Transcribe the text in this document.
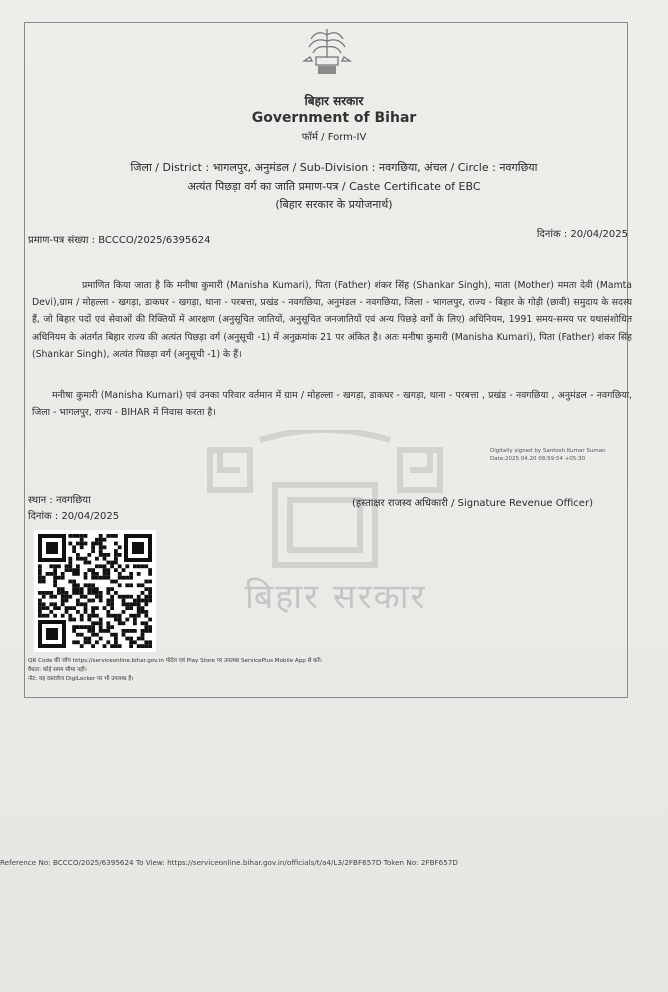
बिहार सरकार
बिहार सरकार
Government of Bihar
फॉर्म / Form-IV
जिला / District : भागलपुर, अनुमंडल / Sub-Division : नवगछिया, अंचल / Circle : नवगछिया
अत्यंत पिछड़ा वर्ग का जाति प्रमाण-पत्र / Caste Certificate of EBC
(बिहार सरकार के प्रयोजनार्थ)
प्रमाण-पत्र संख्या : BCCCO/2025/6395624
दिनांक : 20/04/2025
प्रमाणित किया जाता है कि मनीषा कुमारी (Manisha Kumari), पिता (Father) शंकर सिंह (Shankar Singh), माता (Mother) ममता देवी (Mamta Devi),ग्राम / मोहल्ला - खगड़ा, डाकघर - खगड़ा, थाना - परबत्ता, प्रखंड - नवगछिया, अनुमंडल - नवगछिया, जिला - भागलपुर, राज्य - बिहार के गोड़ी (छावी) समुदाय के सदस्य हैं, जो बिहार पदों एवं सेवाओं की रिक्तियों में आरक्षण (अनुसूचित जातियों, अनुसूचित जनजातियों एवं अन्य पिछड़े वर्गों के लिए) अधिनियम, 1991 समय-समय पर यथासंशोधित अधिनियम के अंतर्गत बिहार राज्य की अत्यंत पिछड़ा वर्ग (अनुसूची -1) में अनुक्रमांक 21 पर अंकित है। अतः मनीषा कुमारी (Manisha Kumari), पिता (Father) शंकर सिंह (Shankar Singh), अत्यंत पिछड़ा वर्ग (अनुसूची -1) के हैं।
मनीषा कुमारी (Manisha Kumari) एवं उनका परिवार वर्तमान में ग्राम / मोहल्ला - खगड़ा, डाकघर - खगड़ा, थाना - परबत्ता , प्रखंड - नवगछिया , अनुमंडल - नवगछिया, जिला - भागलपुर, राज्य - BIHAR में निवास करता है।
Digitally signed by Santosh Kumar Suman
Date:2025.04.20 08:59:54 +05:30
स्थान : नवगछिया
दिनांक : 20/04/2025
(हस्ताक्षर राजस्व अधिकारी / Signature Revenue Officer)
QR Code की जाँच https://serviceonline.bihar.gov.in पोर्टल एवं Play Store पर उपलब्ध ServicePlus Mobile App से करें।
वैधता: कोई समय सीमा नहीं।
नोट: यह दस्तावेज DigiLocker पर भी उपलब्ध है।
Reference No: BCCCO/2025/6395624 To View: https://serviceonline.bihar.gov.in/officials/t/a4/L3/2FBF657D Token No: 2FBF657D
